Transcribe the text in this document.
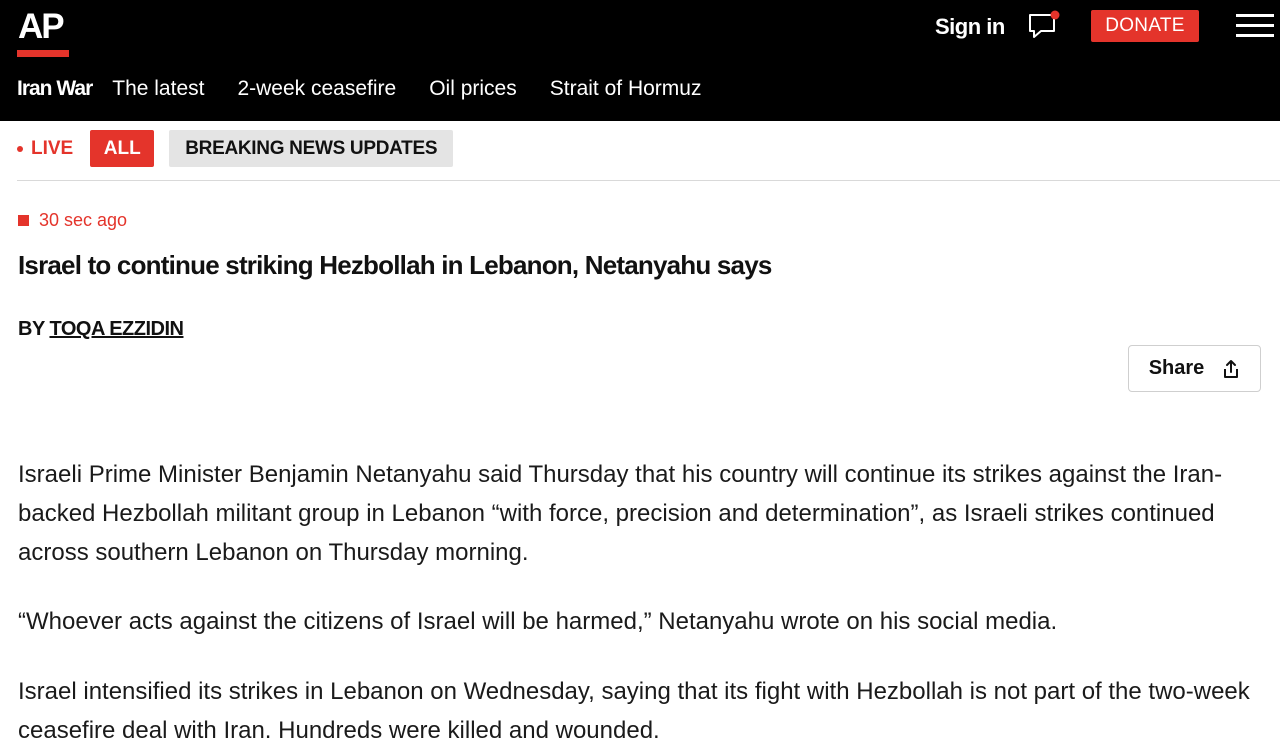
AP	Sign in	DONATE
Iran War The latest 2-week ceasefire Oil prices Strait of Hormuz
LIVE	ALL	BREAKING NEWS UPDATES
30 sec ago
Israel to continue striking Hezbollah in Lebanon, Netanyahu says
BY TOQA EZZIDIN
Share

Israeli Prime Minister Benjamin Netanyahu said Thursday that his country will continue its strikes against the Iran-backed Hezbollah militant group in Lebanon “with force, precision and determination”, as Israeli strikes continued across southern Lebanon on Thursday morning.

“Whoever acts against the citizens of Israel will be harmed,” Netanyahu wrote on his social media.

Israel intensified its strikes in Lebanon on Wednesday, saying that its fight with Hezbollah is not part of the two-week ceasefire deal with Iran. Hundreds were killed and wounded.
